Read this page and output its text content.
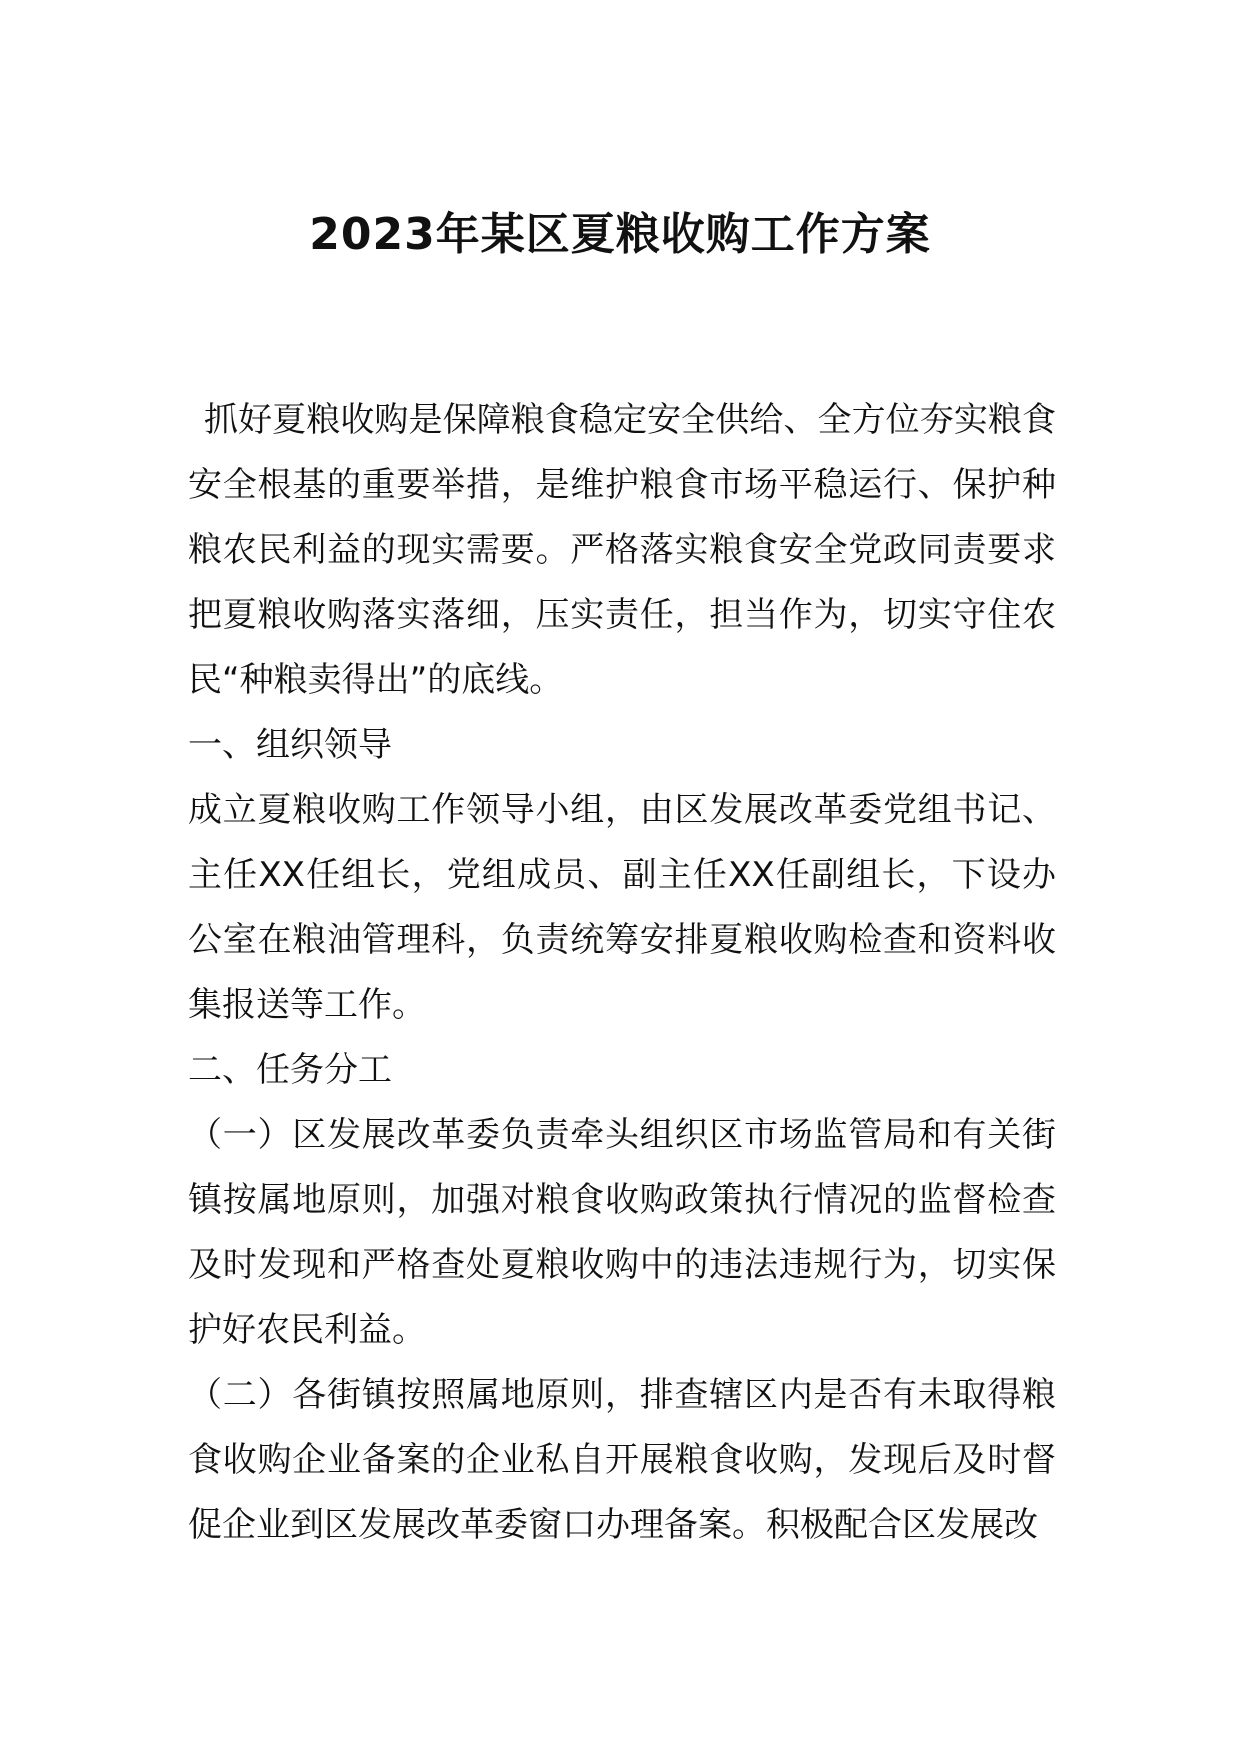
2023年某区夏粮收购工作方案

抓好夏粮收购是保障粮食稳定安全供给、全方位夯实粮食安全根基的重要举措，是维护粮食市场平稳运行、保护种粮农民利益的现实需要。严格落实粮食安全党政同责要求把夏粮收购落实落细，压实责任，担当作为，切实守住农民“种粮卖得出”的底线。

一、组织领导

成立夏粮收购工作领导小组，由区发展改革委党组书记、主任XX任组长，党组成员、副主任XX任副组长，下设办公室在粮油管理科，负责统筹安排夏粮收购检查和资料收集报送等工作。

二、任务分工

（一）区发展改革委负责牵头组织区市场监管局和有关街镇按属地原则，加强对粮食收购政策执行情况的监督检查及时发现和严格查处夏粮收购中的违法违规行为，切实保护好农民利益。

（二）各街镇按照属地原则，排查辖区内是否有未取得粮食收购企业备案的企业私自开展粮食收购，发现后及时督促企业到区发展改革委窗口办理备案。积极配合区发展改
